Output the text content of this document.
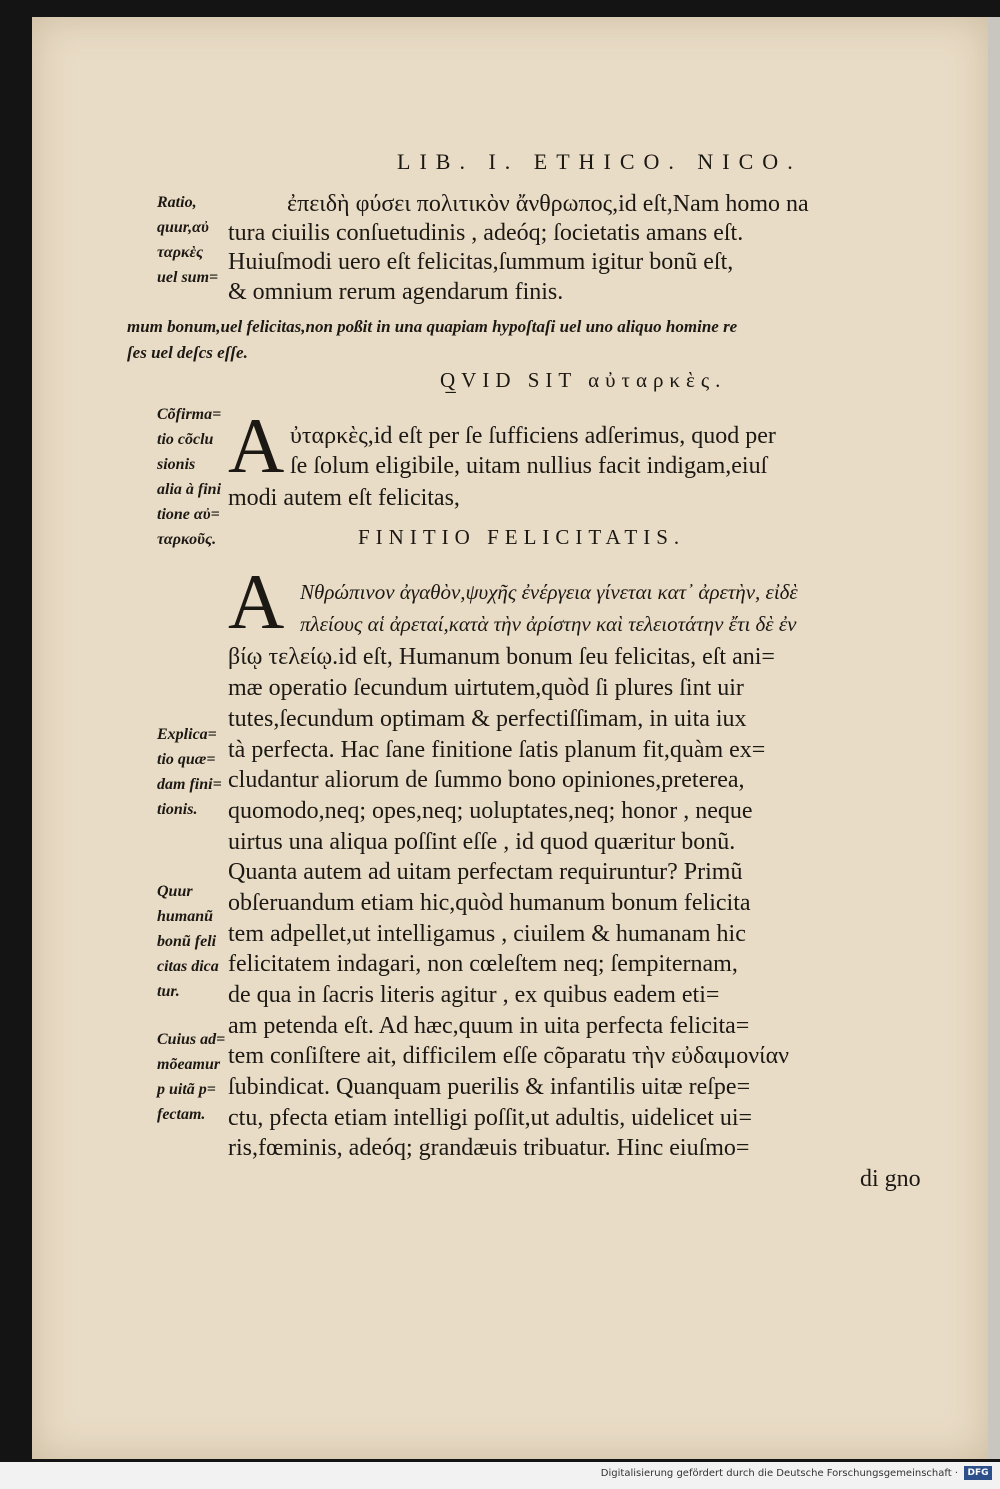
LIB. I. ETHICO. NICO.
Ratio,
quur,αὐ
ταρκὲς
uel sum=
ἐπειδὴ φύσει πολιτικὸν ἄνθρωπος,id eſt,Nam homo na
tura ciuilis conſuetudinis , adeóq; ſocietatis amans eſt.
Huiuſmodi uero eſt felicitas,ſummum igitur bonũ eſt,
& omnium rerum agendarum finis.
mum bonum,uel felicitas,non poßit in una quapiam hypoſtaſi uel uno aliquo homine re
ſes uel deſcs eſſe.
Q̲VID SIT αὐταρκὲς.
Cõfirma=
tio cõclu
sionis
alia à fini
tione αὐ=
ταρκοῦς.
A ὐταρκὲς,id eſt per ſe ſufficiens adſerimus, quod per
ſe ſolum eligibile, uitam nullius facit indigam,eiuſ
modi autem eſt felicitas,
FINITIO FELICITATIS.
A Νθρώπινον ἀγαθὸν,ψυχῆς ἐνέργεια γίνεται κατ᾽ ἀρετὴν, εἰδὲ
πλείους αἱ ἀρεταί,κατὰ τὴν ἀρίστην καὶ τελειοτάτην ἔτι δὲ ἐν
βίῳ τελείῳ.id eſt, Humanum bonum ſeu felicitas, eſt ani=
mæ operatio ſecundum uirtutem,quòd ſi plures ſint uir
tutes,ſecundum optimam & perfectiſſimam, in uita iux
tà perfecta. Hac ſane finitione ſatis planum fit,quàm ex=
cludantur aliorum de ſummo bono opiniones,preterea,
quomodo,neq; opes,neq; uoluptates,neq; honor , neque
uirtus una aliqua poſſint eſſe , id quod quæritur bonũ.
Quanta autem ad uitam perfectam requiruntur? Primũ
obſeruandum etiam hic,quòd humanum bonum felicita
tem adpellet,ut intelligamus , ciuilem & humanam hic
felicitatem indagari, non cœleſtem neq; ſempiternam,
de qua in ſacris literis agitur , ex quibus eadem eti=
am petenda eſt. Ad hæc,quum in uita perfecta felicita=
tem conſiſtere ait, difficilem eſſe cõparatu τὴν εὐδαιμονίαν
ſubindicat. Quanquam puerilis & infantilis uitæ reſpe=
ctu, pfecta etiam intelligi poſſit,ut adultis, uidelicet ui=
ris,fœminis, adeóq; grandæuis tribuatur. Hinc eiuſmo=
di gno
Explica=
tio quæ=
dam fini=
tionis.
Quur
humanũ
bonũ feli
citas dica
tur.
Cuius ad=
mõeamur
p uitã p=
fectam.
Digitalisierung gefördert durch die Deutsche Forschungsgemeinschaft ·	DFG
